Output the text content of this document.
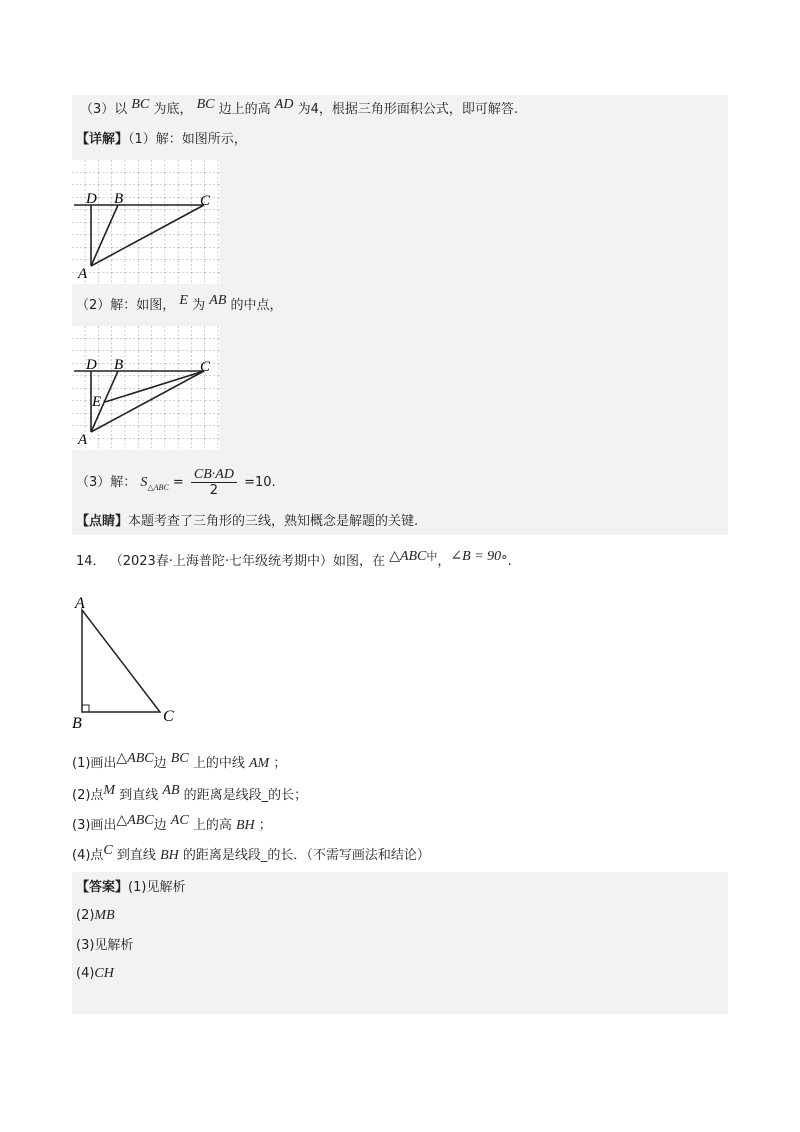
（3）以 BC 为底， BC 边上的高 AD 为4，根据三角形面积公式，即可解答.
【详解】（1）解：如图所示，
D B	C
A
（2）解：如图， E 为 AB 的中点，
D B	C
E
A
（3）解： $S_{\triangle ABC} = \frac{CB\cdot AD}{2} =10$.
【点睛】本题考查了三角形的三线，熟知概念是解题的关键.
14． （2023春·上海普陀·七年级统考期中）如图，在 $\triangle ABC^中$，∠B = 90°.
A
B	C
(1)画出△ABC边 BC 上的中线 AM ；
(2)点M 到直线 AB 的距离是线段_的长；
(3)画出△ABC边 AC 上的高 BH ；
(4)点C 到直线 BH 的距离是线段_的长．（不需写画法和结论）
【答案】(1)见解析
(2)MB
(3)见解析
(4)CH
